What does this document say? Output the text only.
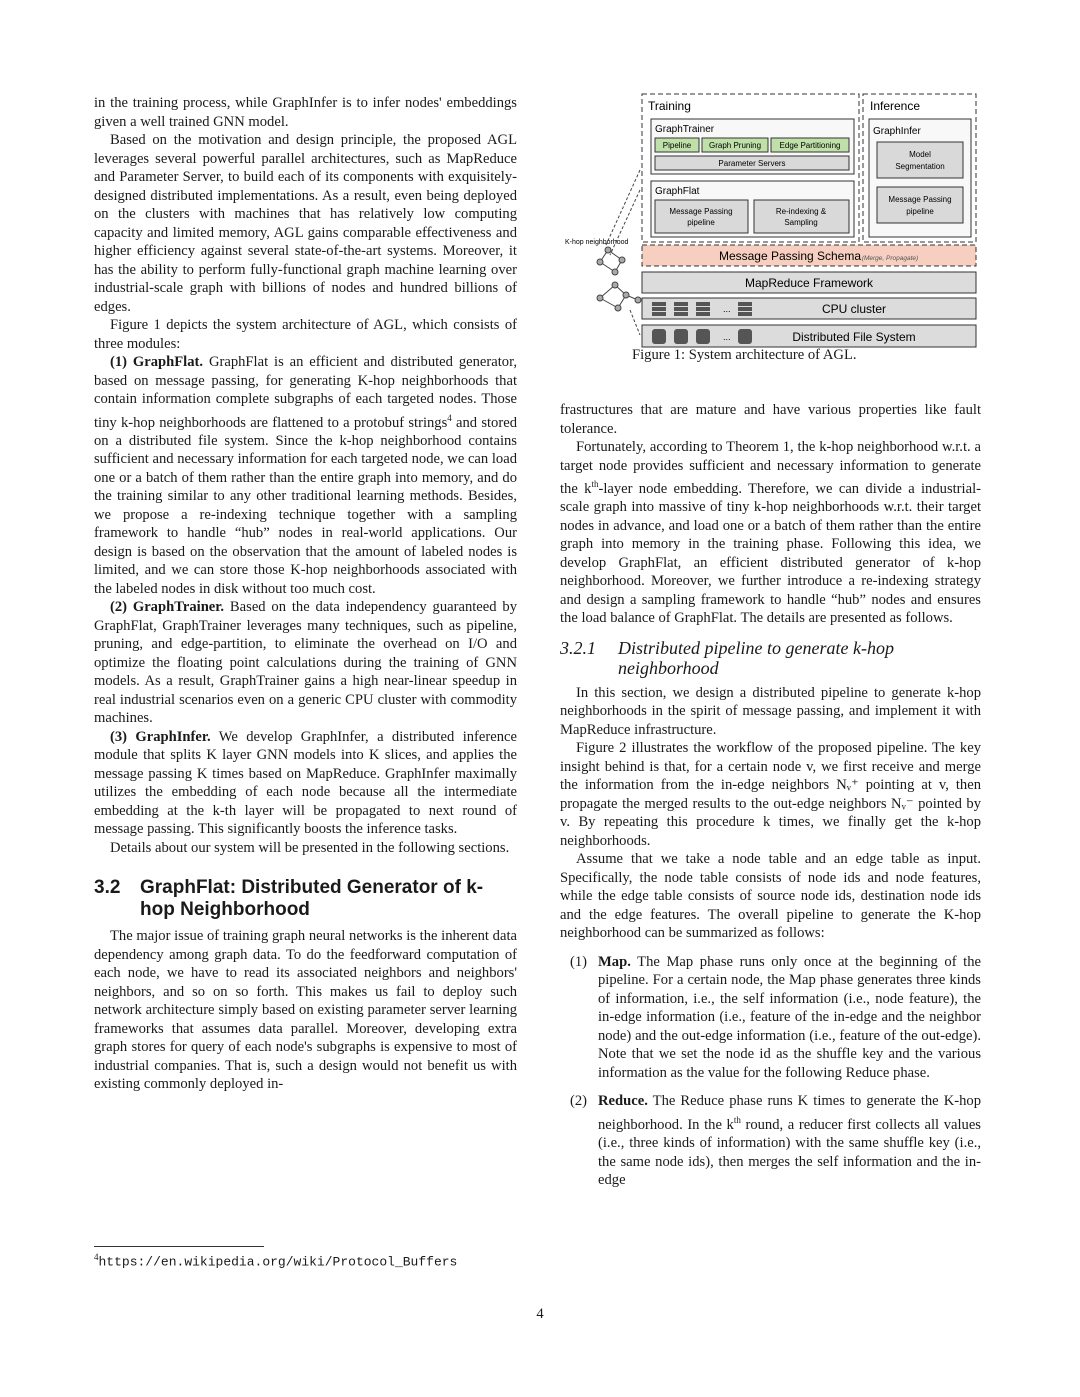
in the training process, while GraphInfer is to infer nodes' embeddings given a well trained GNN model.

Based on the motivation and design principle, the proposed AGL leverages several powerful parallel architectures, such as MapReduce and Parameter Server, to build each of its components with exquisitely-designed distributed implementations. As a result, even being deployed on the clusters with machines that has relatively low computing capacity and limited memory, AGL gains comparable effectiveness and higher efficiency against several state-of-the-art systems. Moreover, it has the ability to perform fully-functional graph machine learning over industrial-scale graph with billions of nodes and hundred billions of edges.

Figure 1 depicts the system architecture of AGL, which consists of three modules:

(1) GraphFlat. GraphFlat is an efficient and distributed generator, based on message passing, for generating K-hop neighborhoods that contain information complete subgraphs of each targeted nodes. Those tiny k-hop neighborhoods are flattened to a protobuf strings$^4$ and stored on a distributed file system. Since the k-hop neighborhood contains sufficient and necessary information for each targeted node, we can load one or a batch of them rather than the entire graph into memory, and do the training similar to any other traditional learning methods. Besides, we propose a re-indexing technique together with a sampling framework to handle “hub” nodes in real-world applications. Our design is based on the observation that the amount of labeled nodes is limited, and we can store those K-hop neighborhoods associated with the labeled nodes in disk without too much cost.

(2) GraphTrainer. Based on the data independency guaranteed by GraphFlat, GraphTrainer leverages many techniques, such as pipeline, pruning, and edge-partition, to eliminate the overhead on I/O and optimize the floating point calculations during the training of GNN models. As a result, GraphTrainer gains a high near-linear speedup in real industrial scenarios even on a generic CPU cluster with commodity machines.

(3) GraphInfer. We develop GraphInfer, a distributed inference module that splits K layer GNN models into K slices, and applies the message passing K times based on MapReduce. GraphInfer maximally utilizes the embedding of each node because all the intermediate embedding at the k-th layer will be propagated to next round of message passing. This significantly boosts the inference tasks.

Details about our system will be presented in the following sections.

3.2	GraphFlat: Distributed Generator of k-hop Neighborhood

The major issue of training graph neural networks is the inherent data dependency among graph data. To do the feedforward computation of each node, we have to read its associated neighbors and neighbors' neighbors, and so on so forth. This makes us fail to deploy such network architecture simply based on existing parameter server learning frameworks that assumes data parallel. Moreover, developing extra graph stores for query of each node's subgraphs is expensive to most of industrial companies. That is, such a design would not benefit us with existing commonly deployed in-

$^4$https://en.wikipedia.org/wiki/Protocol_Buffers
Training	Inference
GraphTrainer
Pipeline Graph Pruning Edge Partitioning
Parameter Servers
GraphFlat
Message Passing
pipeline
Re-indexing &
Sampling
GraphInfer
Model
Segmentation
Message Passing
pipeline
Message Passing Schema (Merge, Propagate)
MapReduce Framework
...	CPU cluster
...	Distributed File System
K-hop neighborhood
Figure 1: System architecture of AGL.

frastructures that are mature and have various properties like fault tolerance.

Fortunately, according to Theorem 1, the k-hop neighborhood w.r.t. a target node provides sufficient and necessary information to generate the $k^{th}$-layer node embedding. Therefore, we can divide a industrial-scale graph into massive of tiny k-hop neighborhoods w.r.t. their target nodes in advance, and load one or a batch of them rather than the entire graph into memory in the training phase. Following this idea, we develop GraphFlat, an efficient distributed generator of k-hop neighborhood. Moreover, we further introduce a re-indexing strategy and design a sampling framework to handle “hub” nodes and ensures the load balance of GraphFlat. The details are presented as follows.

3.2.1	Distributed pipeline to generate k-hop neighborhood

In this section, we design a distributed pipeline to generate k-hop neighborhoods in the spirit of message passing, and implement it with MapReduce infrastructure.

Figure 2 illustrates the workflow of the proposed pipeline. The key insight behind is that, for a certain node v, we first receive and merge the information from the in-edge neighbors Nᵥ⁺ pointing at v, then propagate the merged results to the out-edge neighbors Nᵥ⁻ pointed by v. By repeating this procedure k times, we finally get the k-hop neighborhoods.

Assume that we take a node table and an edge table as input. Specifically, the node table consists of node ids and node features, while the edge table consists of source node ids, destination node ids and the edge features. The overall pipeline to generate the K-hop neighborhood can be summarized as follows:

(1) Map. The Map phase runs only once at the beginning of the pipeline. For a certain node, the Map phase generates three kinds of information, i.e., the self information (i.e., node feature), the in-edge information (i.e., feature of the in-edge and the neighbor node) and the out-edge information (i.e., feature of the out-edge). Note that we set the node id as the shuffle key and the various information as the value for the following Reduce phase.
(2) Reduce. The Reduce phase runs K times to generate the K-hop neighborhood. In the $k^{th}$ round, a reducer first collects all values (i.e., three kinds of information) with the same shuffle key (i.e., the same node ids), then merges the self information and the in-edge
4
